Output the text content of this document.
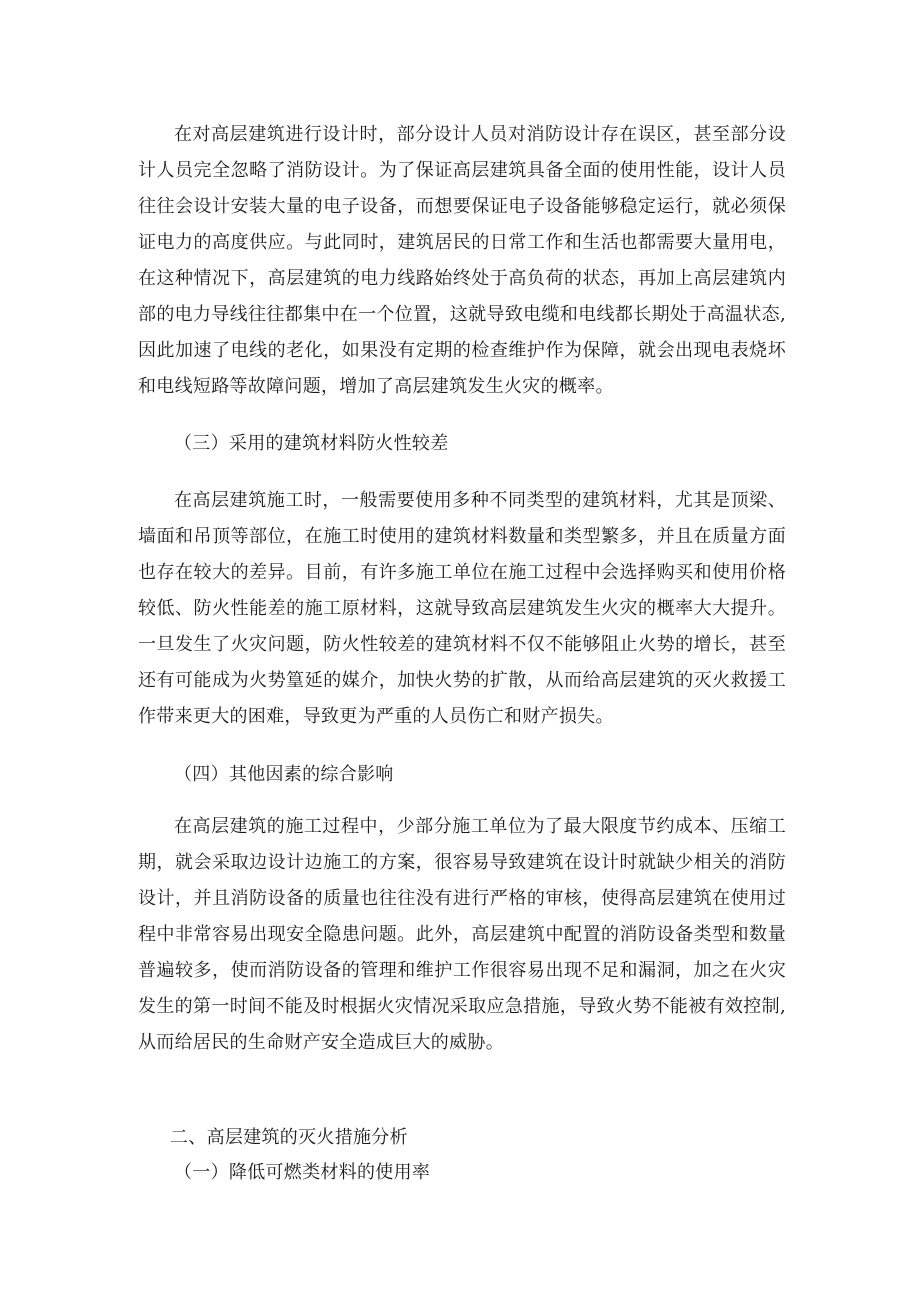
在对高层建筑进行设计时，部分设计人员对消防设计存在误区，甚至部分设计人员完全忽略了消防设计。为了保证高层建筑具备全面的使用性能，设计人员往往会设计安装大量的电子设备，而想要保证电子设备能够稳定运行，就必须保证电力的高度供应。与此同时，建筑居民的日常工作和生活也都需要大量用电，在这种情况下，高层建筑的电力线路始终处于高负荷的状态，再加上高层建筑内部的电力导线往往都集中在一个位置，这就导致电缆和电线都长期处于高温状态,因此加速了电线的老化，如果没有定期的检查维护作为保障，就会出现电表烧坏和电线短路等故障问题，增加了高层建筑发生火灾的概率。

（三）采用的建筑材料防火性较差

在高层建筑施工时，一般需要使用多种不同类型的建筑材料，尤其是顶梁、墙面和吊顶等部位，在施工时使用的建筑材料数量和类型繁多，并且在质量方面也存在较大的差异。目前，有许多施工单位在施工过程中会选择购买和使用价格较低、防火性能差的施工原材料，这就导致高层建筑发生火灾的概率大大提升。一旦发生了火灾问题，防火性较差的建筑材料不仅不能够阻止火势的增长，甚至还有可能成为火势篁延的媒介，加快火势的扩散，从而给高层建筑的灭火救援工作带来更大的困难，导致更为严重的人员伤亡和财产损失。

（四）其他因素的综合影响

在高层建筑的施工过程中，少部分施工单位为了最大限度节约成本、压缩工期，就会采取边设计边施工的方案，很容易导致建筑在设计时就缺少相关的消防设计，并且消防设备的质量也往往没有进行严格的审核，使得高层建筑在使用过程中非常容易出现安全隐患问题。此外，高层建筑中配置的消防设备类型和数量普遍较多，使而消防设备的管理和维护工作很容易出现不足和漏洞，加之在火灾发生的第一时间不能及时根据火灾情况采取应急措施，导致火势不能被有效控制,从而给居民的生命财产安全造成巨大的威胁。

二、高层建筑的灭火措施分析

（一）降低可燃类材料的使用率
